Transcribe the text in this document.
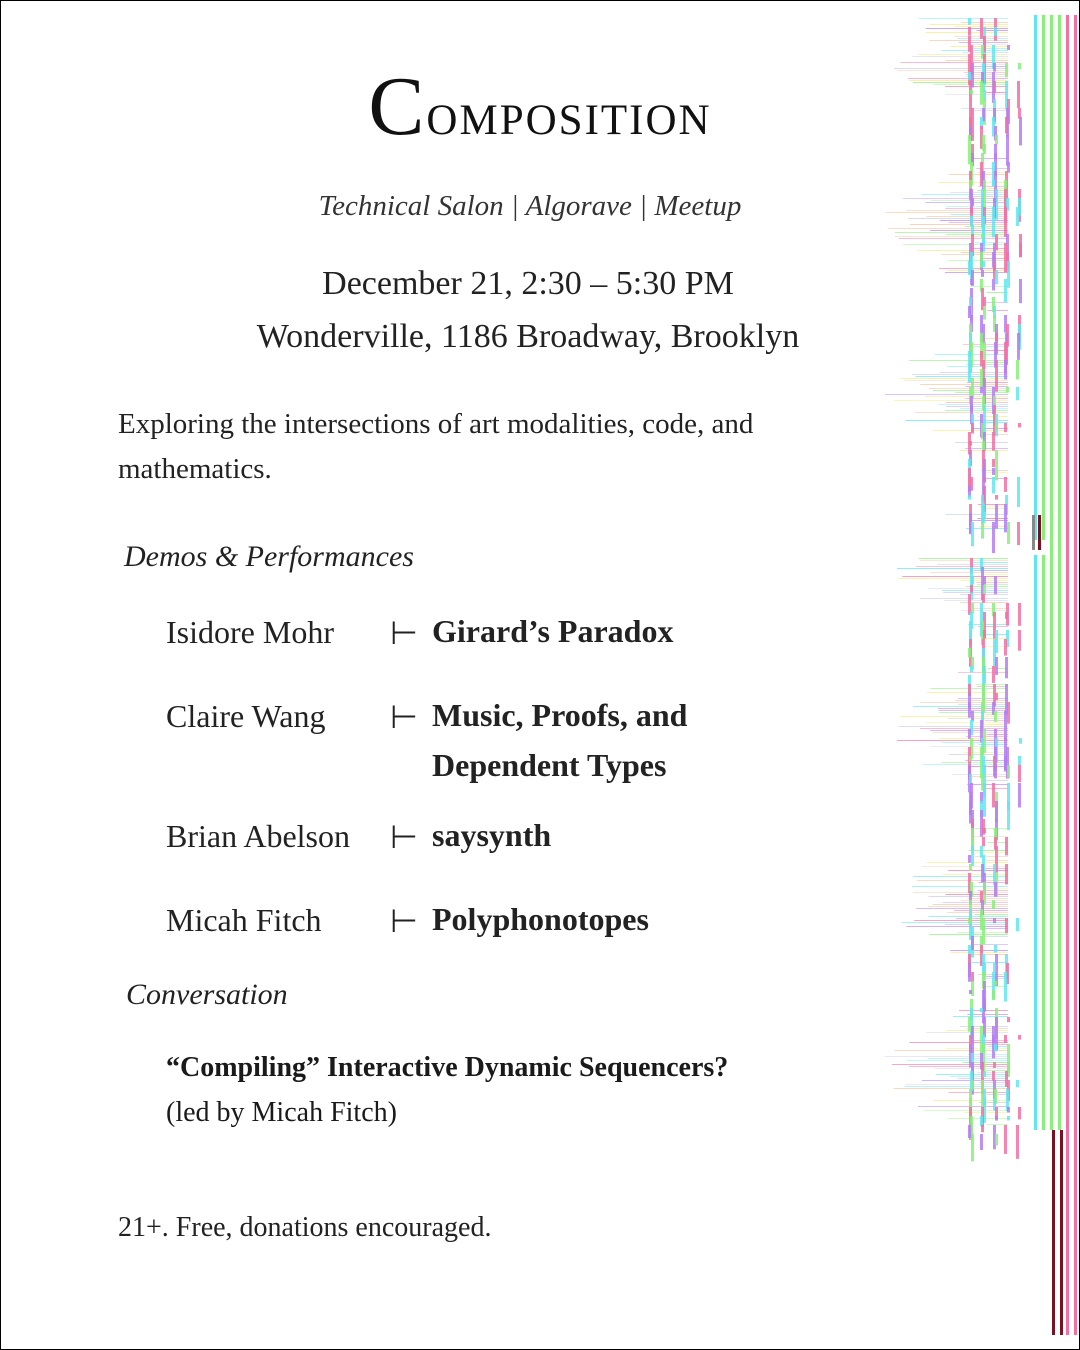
Composition
Technical Salon | Algorave | Meetup
December 21, 2:30 – 5:30 PM
Wonderville, 1186 Broadway, Brooklyn
Exploring the intersections of art modalities, code, and mathematics.
Demos & Performances
Isidore Mohr ⊢ Girard’s Paradox
Claire Wang ⊢ Music, Proofs, and Dependent Types
Brian Abelson ⊢ saysynth
Micah Fitch ⊢ Polyphonotopes
Conversation
“Compiling” Interactive Dynamic Sequencers?
(led by Micah Fitch)
21+. Free, donations encouraged.
